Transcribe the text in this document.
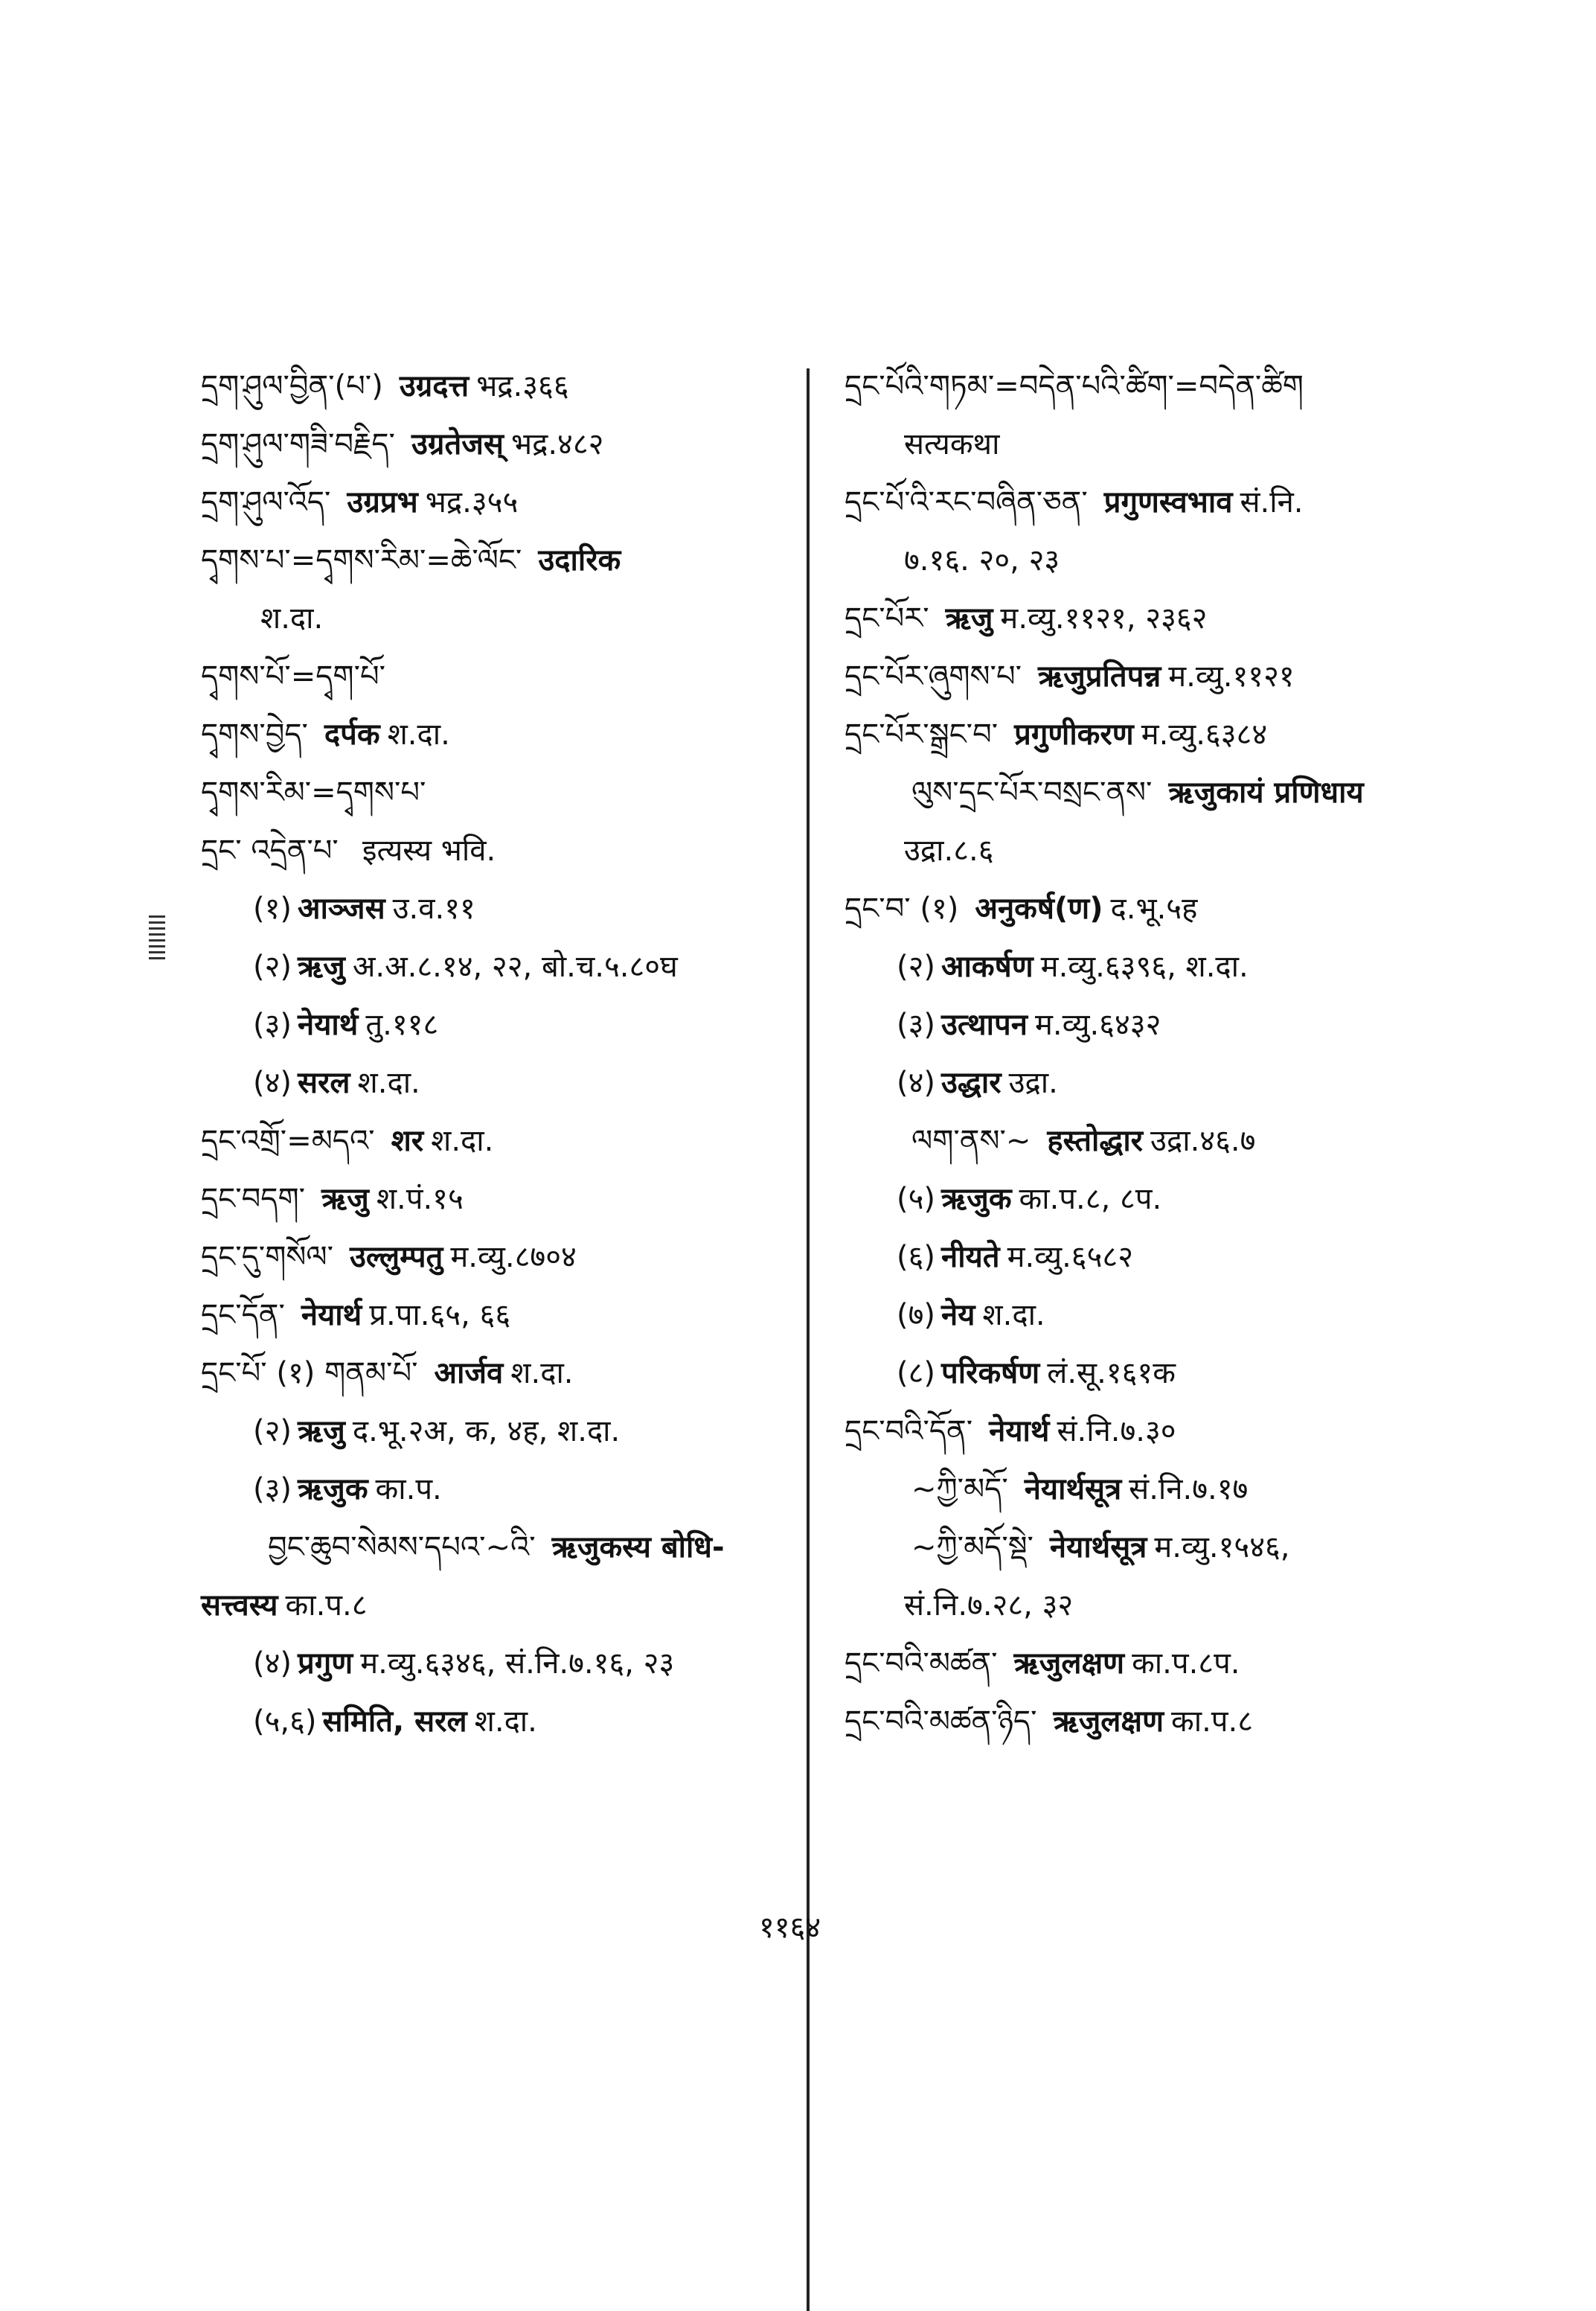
དྲག་ཤུལ་བྱིན་(པ་) उग्रदत्त भद्र.३६६
དྲག་ཤུལ་གཟི་བརྗིད་ उग्रतेजस् भद्र.४८२
དྲག་ཤུལ་འོད་ उग्रप्रभ भद्र.३५५
དྭགས་པ་=དྭགས་རིམ་=ཆེ་ལོང་ उदारिक
श.दा.
དྭགས་པོ་=དྭག་པོ་
དྭགས་བྱེད་ दर्पक श.दा.
དྭགས་རིམ་=དྭགས་པ་
དྲང་ འདྲེན་པ་ इत्यस्य भवि.
(१) आञ्जस उ.व.११
(२) ऋजु अ.अ.८.१४, २२, बो.च.५.८०घ
(३) नेयार्थ तु.११८
(४) सरल श.दा.
དྲང་འགྲོ་=མདའ་ शर श.दा.
དྲང་བདག་ ऋजु श.पं.१५
དྲང་དུ་གསོལ་ उल्लुम्पतु म.व्यु.८७०४
དྲང་དོན་ नेयार्थ प्र.पा.६५, ६६
དྲང་པོ་ (१) གནམ་པོ་ आर्जव श.दा.
(२) ऋजु द.भू.२अ, क, ४ह, श.दा.
(३) ऋजुक का.प.
བྱང་ཆུབ་སེམས་དཔའ་~འི་ ऋजुकस्य बोधि-
सत्त्वस्य का.प.८
(४) प्रगुण म.व्यु.६३४६, सं.नि.७.१६, २३
(५,६) समिति, सरल श.दा.
དྲང་པོའི་གཏམ་=བདེན་པའི་ཚིག་=བདེན་ཚིག
सत्यकथा
དྲང་པོ་འི་རང་བཞིན་ཅན་ प्रगुणस्वभाव सं.नि.
७.१६. २०, २३
དྲང་པོར་ ऋजु म.व्यु.११२१, २३६२
དྲང་པོར་ཞུགས་པ་ ऋजुप्रतिपन्न म.व्यु.११२१
དྲང་པོར་སྒྲང་བ་ प्रगुणीकरण म.व्यु.६३८४
ལུས་དྲང་པོར་བསྲང་ནས་ ऋजुकायं प्रणिधाय
उद्रा.८.६
དྲང་བ་ (१) अनुकर्ष(ण) द.भू.५ह
(२) आकर्षण म.व्यु.६३९६, श.दा.
(३) उत्थापन म.व्यु.६४३२
(४) उद्धार उद्रा.
ལག་ནས་~ हस्तोद्धार उद्रा.४६.७
(५) ऋजुक का.प.८, ८प.
(६) नीयते म.व्यु.६५८२
(७) नेय श.दा.
(८) परिकर्षण लं.सू.१६१क
དྲང་བའི་དོན་ नेयार्थ सं.नि.७.३०
~ཀྱི་མདོ་ नेयार्थसूत्र सं.नि.७.१७
~ཀྱི་མདོ་སྡེ་ नेयार्थसूत्र म.व्यु.१५४६,
सं.नि.७.२८, ३२
དྲང་བའི་མཚན་ ऋजुलक्षण का.प.८प.
དྲང་བའི་མཚན་ཉིད་ ऋजुलक्षण का.प.८
११६४
